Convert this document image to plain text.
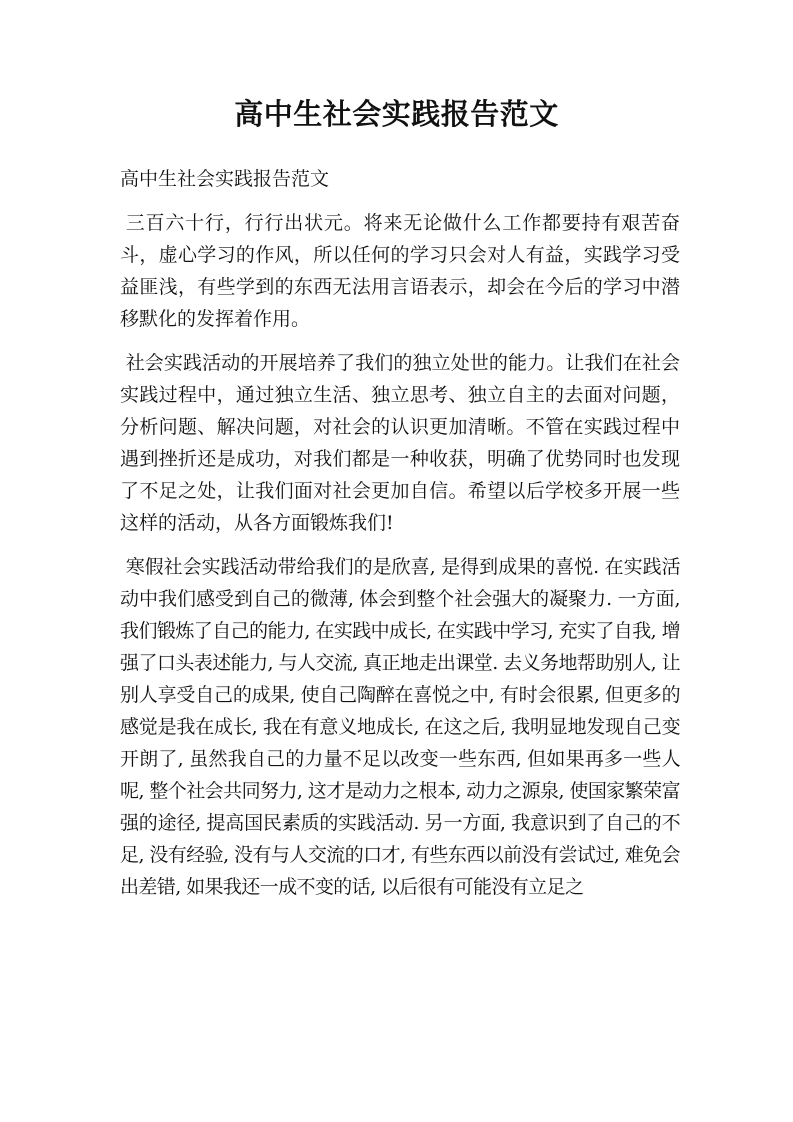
高中生社会实践报告范文

高中生社会实践报告范文

三百六十行，行行出状元。将来无论做什么工作都要持有艰苦奋斗，虚心学习的作风，所以任何的学习只会对人有益，实践学习受益匪浅，有些学到的东西无法用言语表示，却会在今后的学习中潜移默化的发挥着作用。

社会实践活动的开展培养了我们的独立处世的能力。让我们在社会实践过程中，通过独立生活、独立思考、独立自主的去面对问题，分析问题、解决问题，对社会的认识更加清晰。不管在实践过程中遇到挫折还是成功，对我们都是一种收获，明确了优势同时也发现了不足之处，让我们面对社会更加自信。希望以后学校多开展一些这样的活动，从各方面锻炼我们!

寒假社会实践活动带给我们的是欣喜, 是得到成果的喜悦. 在实践活动中我们感受到自己的微薄, 体会到整个社会强大的凝聚力. 一方面, 我们锻炼了自己的能力, 在实践中成长, 在实践中学习, 充实了自我, 增强了口头表述能力, 与人交流, 真正地走出课堂. 去义务地帮助别人, 让别人享受自己的成果, 使自己陶醉在喜悦之中, 有时会很累, 但更多的感觉是我在成长, 我在有意义地成长, 在这之后, 我明显地发现自己变开朗了, 虽然我自己的力量不足以改变一些东西, 但如果再多一些人 呢, 整个社会共同努力, 这才是动力之根本, 动力之源泉, 使国家繁荣富强的途径, 提高国民素质的实践活动. 另一方面, 我意识到了自己的不足, 没有经验, 没有与人交流的口才, 有些东西以前没有尝试过, 难免会出差错, 如果我还一成不变的话, 以后很有可能没有立足之
